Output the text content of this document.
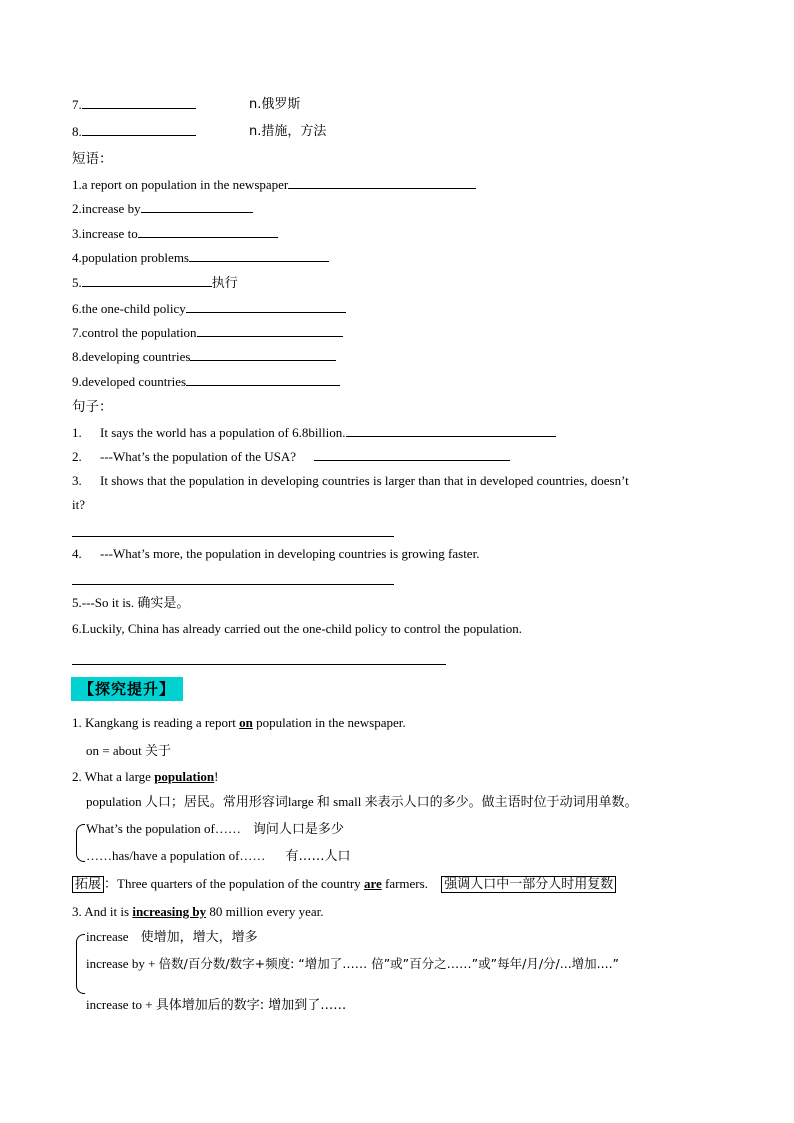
7.	n.俄罗斯
8.	n.措施，方法
短语：
1.a report on population in the newspaper
2.increase by
3.increase to
4.population problems
5.	执行
6.the one-child policy
7.control the population
8.developing countries
9.developed countries
句子：
1. It says the world has a population of 6.8billion.
2. ---What’s the population of the USA?
3. It shows that the population in developing countries is larger than that in developed countries, doesn’t
it?
4. ---What’s more, the population in developing countries is growing faster.
5.---So it is. 确实是。
6.Luckily, China has already carried out the one-child policy to control the population.
【探究提升】
1. Kangkang is reading a report on population in the newspaper.
on = about 关于
2. What a large population!
population 人口；居民。常用形容词large 和 small 来表示人口的多少。做主语时位于动词用单数。
What’s the population of…… 询问人口是多少
……has/have a population of…… 有……人口
拓展 ：Three quarters of the population of the country are farmers. 强调人口中一部分人时用复数
3. And it is increasing by 80 million every year.
increase 使增加，增大，增多
increase by + 倍数/百分数/数字+频度: “增加了…… 倍”或”百分之……”或”每年/月/分/...增加....”
increase to + 具体增加后的数字: 增加到了……
